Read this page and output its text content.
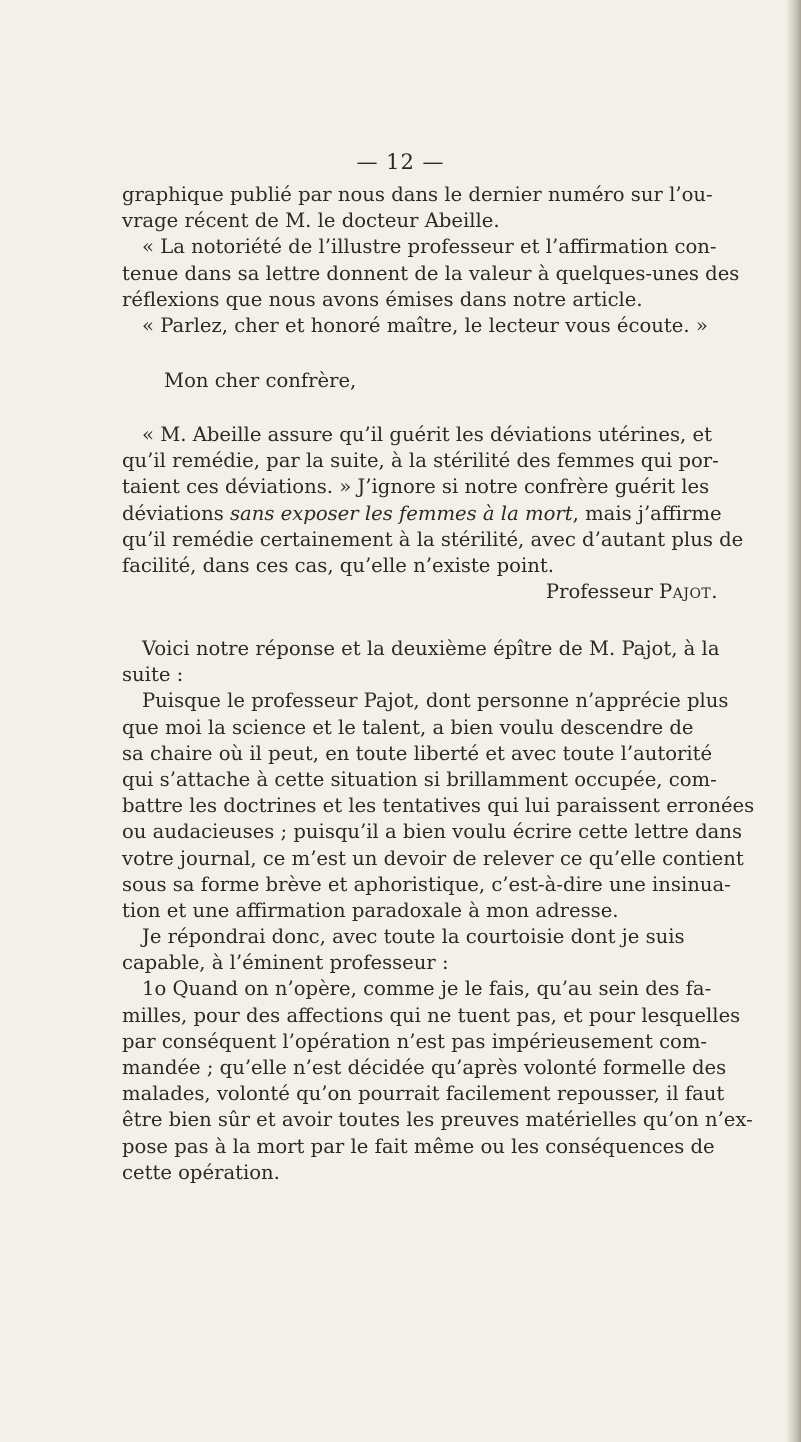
— 12 —
graphique publié par nous dans le dernier numéro sur l’ou-
vrage récent de M. le docteur Abeille.
« La notoriété de l’illustre professeur et l’affirmation con-
tenue dans sa lettre donnent de la valeur à quelques-unes des
réflexions que nous avons émises dans notre article.
« Parlez, cher et honoré maître, le lecteur vous écoute. »
Mon cher confrère,
« M. Abeille assure qu’il guérit les déviations utérines, et
qu’il remédie, par la suite, à la stérilité des femmes qui por-
taient ces déviations. » J’ignore si notre confrère guérit les
déviations sans exposer les femmes à la mort, mais j’affirme
qu’il remédie certainement à la stérilité, avec d’autant plus de
facilité, dans ces cas, qu’elle n’existe point.
Professeur Pajot.
Voici notre réponse et la deuxième épître de M. Pajot, à la
suite :
Puisque le professeur Pajot, dont personne n’apprécie plus
que moi la science et le talent, a bien voulu descendre de
sa chaire où il peut, en toute liberté et avec toute l’autorité
qui s’attache à cette situation si brillamment occupée, com-
battre les doctrines et les tentatives qui lui paraissent erronées
ou audacieuses ; puisqu’il a bien voulu écrire cette lettre dans
votre journal, ce m’est un devoir de relever ce qu’elle contient
sous sa forme brève et aphoristique, c’est-à-dire une insinua-
tion et une affirmation paradoxale à mon adresse.
Je répondrai donc, avec toute la courtoisie dont je suis
capable, à l’éminent professeur :
1o Quand on n’opère, comme je le fais, qu’au sein des fa-
milles, pour des affections qui ne tuent pas, et pour lesquelles
par conséquent l’opération n’est pas impérieusement com-
mandée ; qu’elle n’est décidée qu’après volonté formelle des
malades, volonté qu’on pourrait facilement repousser, il faut
être bien sûr et avoir toutes les preuves matérielles qu’on n’ex-
pose pas à la mort par le fait même ou les conséquences de
cette opération.
